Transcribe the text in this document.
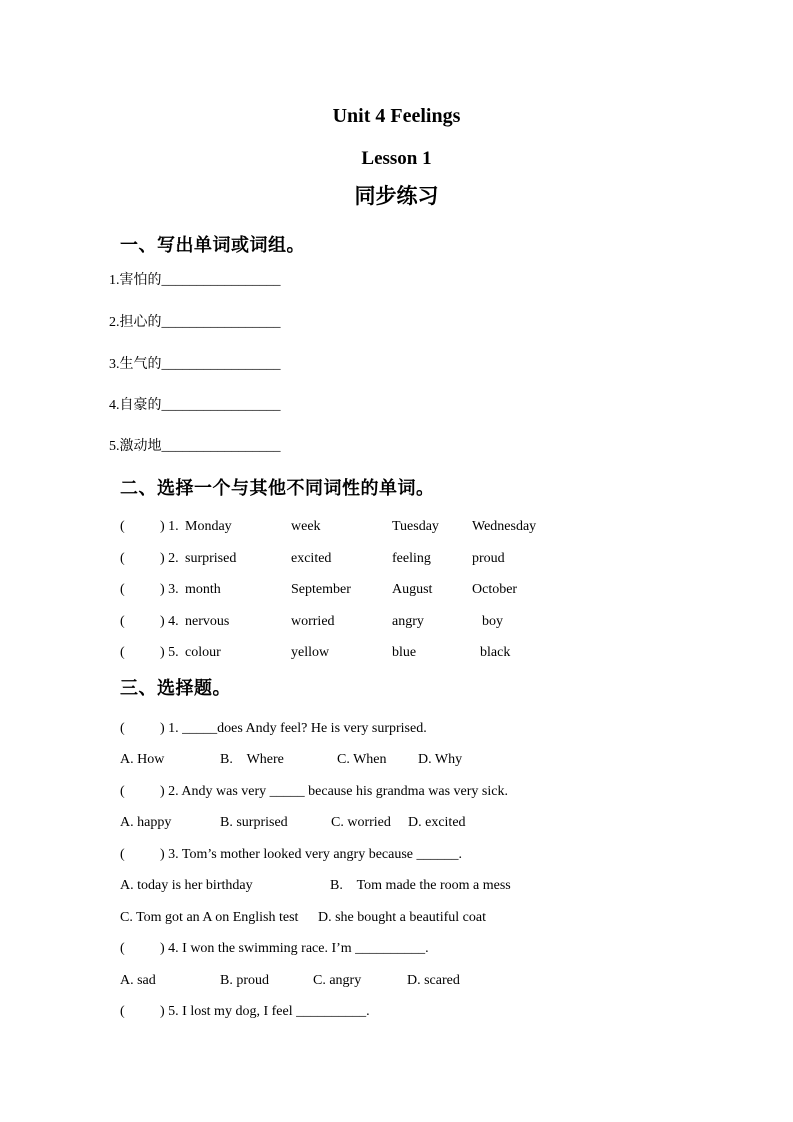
Unit 4 Feelings
Lesson 1
同步练习
一、写出单词或词组。
1.害怕的_________________
2.担心的_________________
3.生气的_________________
4.自豪的_________________
5.激动地_________________
二、选择一个与其他不同词性的单词。
(	) 1. Monday	week	Tuesday Wednesday
(	) 2. surprised	excited	feeling	proud
(	) 3. month	September	August	October
(	) 4. nervous	worried	angry	boy
(	) 5. colour	yellow	blue	black
三、选择题。
(	) 1. _____does Andy feel? He is very surprised.
A. How	B.    Where	C. When D. Why
(	) 2. Andy was very _____ because his grandma was very sick.
A. happy	B. surprised	C. worried D. excited
(	) 3. Tom’s mother looked very angry because ______.
A. today is her birthday	B.    Tom made the room a mess
C. Tom got an A on English test D. she bought a beautiful coat
(	) 4. I won the swimming race. I’m __________.
A. sad	B. proud	C. angry	D. scared
(	) 5. I lost my dog, I feel __________.
